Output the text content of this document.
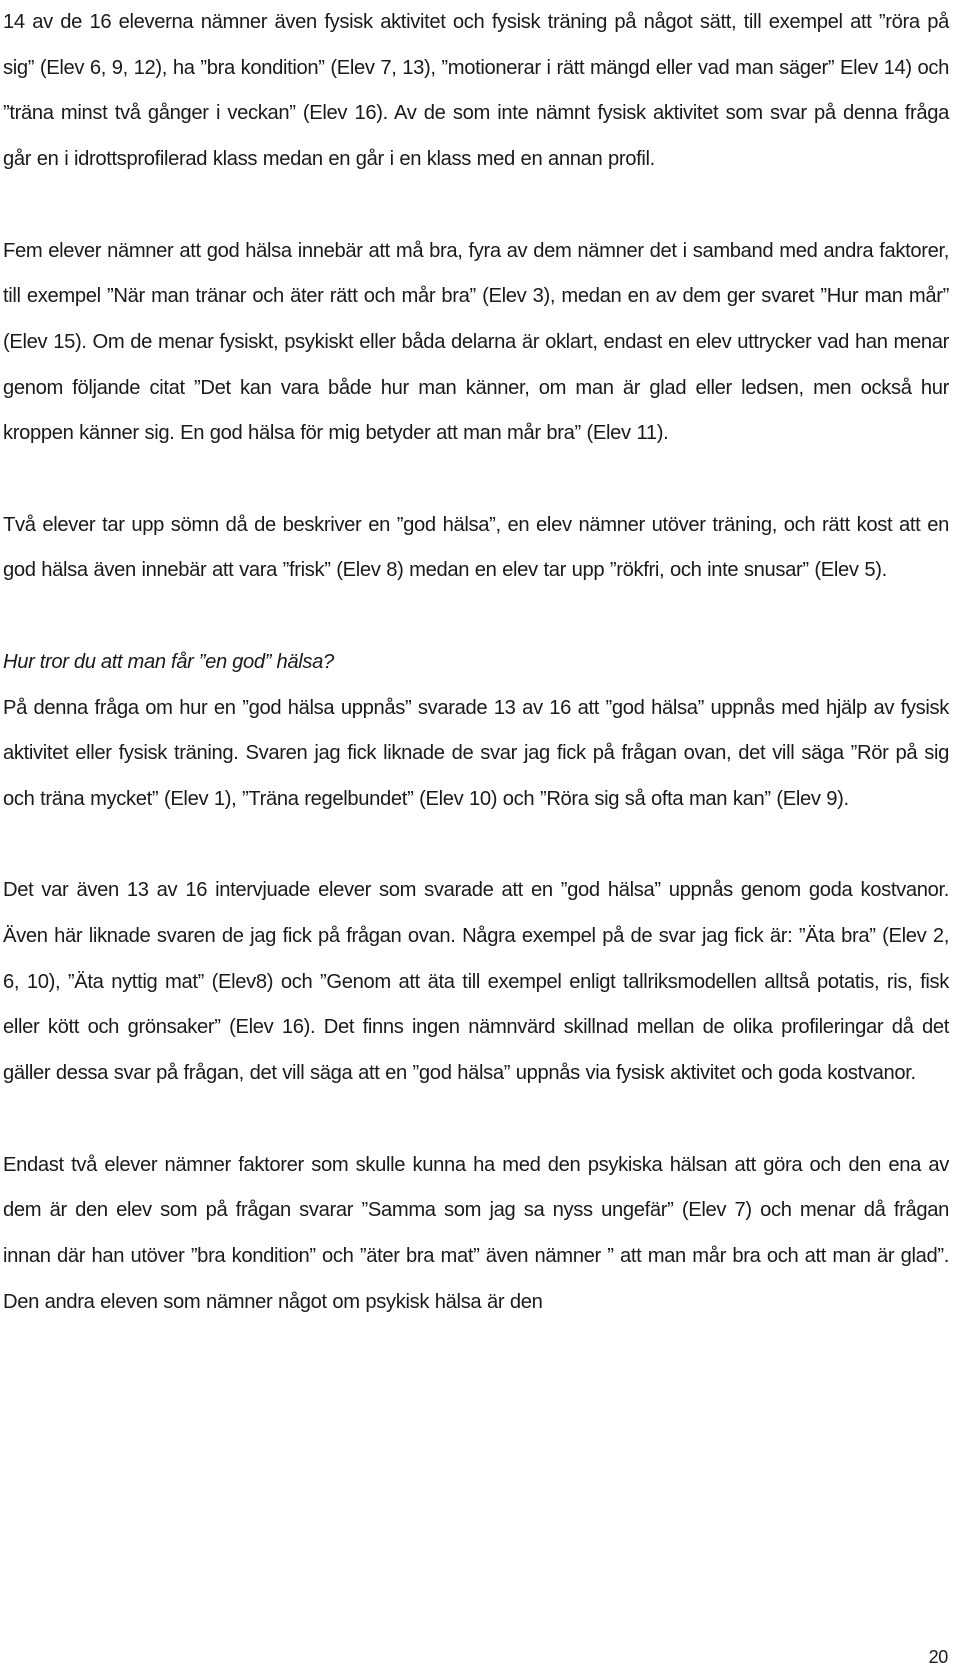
14 av de 16 eleverna nämner även fysisk aktivitet och fysisk träning på något sätt, till exempel att ”röra på sig” (Elev 6, 9, 12), ha ”bra kondition” (Elev 7, 13), ”motionerar i rätt mängd eller vad man säger” Elev 14) och ”träna minst två gånger i veckan” (Elev 16). Av de som inte nämnt fysisk aktivitet som svar på denna fråga går en i idrottsprofilerad klass medan en går i en klass med en annan profil.

Fem elever nämner att god hälsa innebär att må bra, fyra av dem nämner det i samband med andra faktorer, till exempel ”När man tränar och äter rätt och mår bra” (Elev 3), medan en av dem ger svaret ”Hur man mår” (Elev 15). Om de menar fysiskt, psykiskt eller båda delarna är oklart, endast en elev uttrycker vad han menar genom följande citat ”Det kan vara både hur man känner, om man är glad eller ledsen, men också hur kroppen känner sig. En god hälsa för mig betyder att man mår bra” (Elev 11).

Två elever tar upp sömn då de beskriver en ”god hälsa”, en elev nämner utöver träning, och rätt kost att en god hälsa även innebär att vara ”frisk” (Elev 8) medan en elev tar upp ”rökfri, och inte snusar” (Elev 5).

Hur tror du att man får ”en god” hälsa?

På denna fråga om hur en ”god hälsa uppnås” svarade 13 av 16 att ”god hälsa” uppnås med hjälp av fysisk aktivitet eller fysisk träning. Svaren jag fick liknade de svar jag fick på frågan ovan, det vill säga ”Rör på sig och träna mycket” (Elev 1), ”Träna regelbundet” (Elev 10) och ”Röra sig så ofta man kan” (Elev 9).

Det var även 13 av 16 intervjuade elever som svarade att en ”god hälsa” uppnås genom goda kostvanor. Även här liknade svaren de jag fick på frågan ovan. Några exempel på de svar jag fick är: ”Äta bra” (Elev 2, 6, 10), ”Äta nyttig mat” (Elev8) och ”Genom att äta till exempel enligt tallriksmodellen alltså potatis, ris, fisk eller kött och grönsaker” (Elev 16). Det finns ingen nämnvärd skillnad mellan de olika profileringar då det gäller dessa svar på frågan, det vill säga att en ”god hälsa” uppnås via fysisk aktivitet och goda kostvanor.

Endast två elever nämner faktorer som skulle kunna ha med den psykiska hälsan att göra och den ena av dem är den elev som på frågan svarar ”Samma som jag sa nyss ungefär” (Elev 7) och menar då frågan innan där han utöver ”bra kondition” och ”äter bra mat” även nämner ” att man mår bra och att man är glad”. Den andra eleven som nämner något om psykisk hälsa är den

20
